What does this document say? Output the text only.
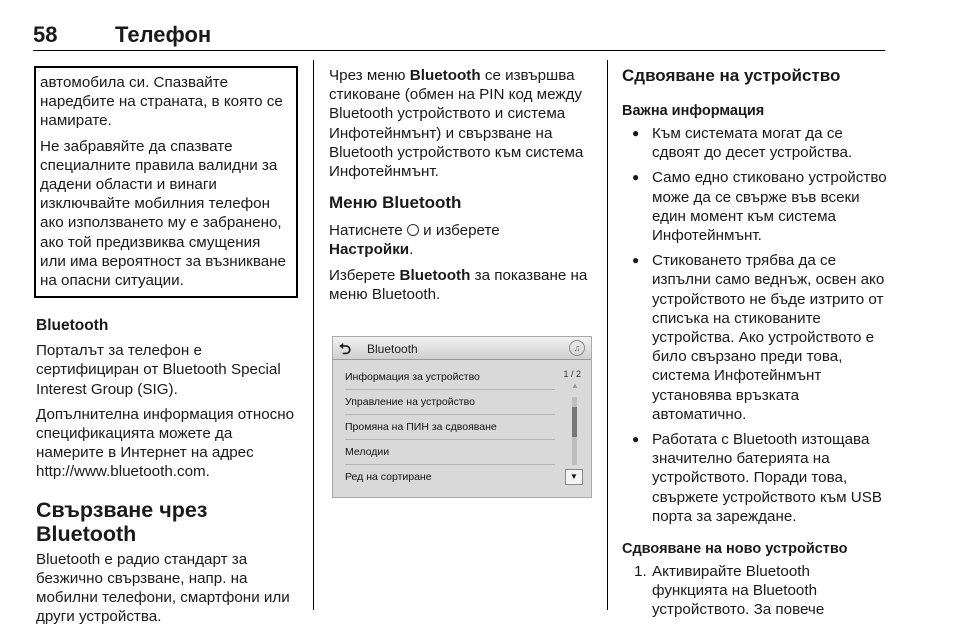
58	Телефон

автомобила си. Спазвайте наредбите на страната, в която се намирате.

Не забравяйте да спазвате специалните правила валидни за дадени области и винаги изключвайте мобилния телефон ако използването му е забранено, ако той предизвиква смущения или има вероятност за възникване на опасни ситуации.

Bluetooth

Порталът за телефон е сертифициран от Bluetooth Special Interest Group (SIG).

Допълнителна информация относно спецификацията можете да намерите в Интернет на адрес http://www.bluetooth.com.

Свързване чрез Bluetooth

Bluetooth е радио стандарт за безжично свързване, напр. на мобилни телефони, смартфони или други устройства.

Чрез меню Bluetooth се извършва стиковане (обмен на PIN код между Bluetooth устройството и система Инфотейнмънт) и свързване на Bluetooth устройството към система Инфотейнмънт.

Меню Bluetooth

Натиснете  и изберете
Настройки.

Изберете Bluetooth за показване на меню Bluetooth.

⮌ Bluetooth	♫
Информация за устройство
Управление на устройство
Промяна на ПИН за сдвояване
Мелодии
Ред на сортиране
1 / 2
▲
▼
Сдвояване на устройство
Важна информация
● Към системата могат да се сдвоят до десет устройства.
● Само едно стиковано устройство може да се свърже във всеки един момент към система Инфотейнмънт.
● Стиковането трябва да се изпълни само веднъж, освен ако устройството не бъде изтрито от списъка на стикованите устройства. Ако устройството е било свързано преди това, система Инфотейнмънт установява връзката автоматично.
● Работата с Bluetooth изтощава значително батерията на устройството. Поради това, свържете устройството към USB порта за зареждане.
Сдвояване на ново устройство
1. Активирайте Bluetooth функцията на Bluetooth устройството. За повече
